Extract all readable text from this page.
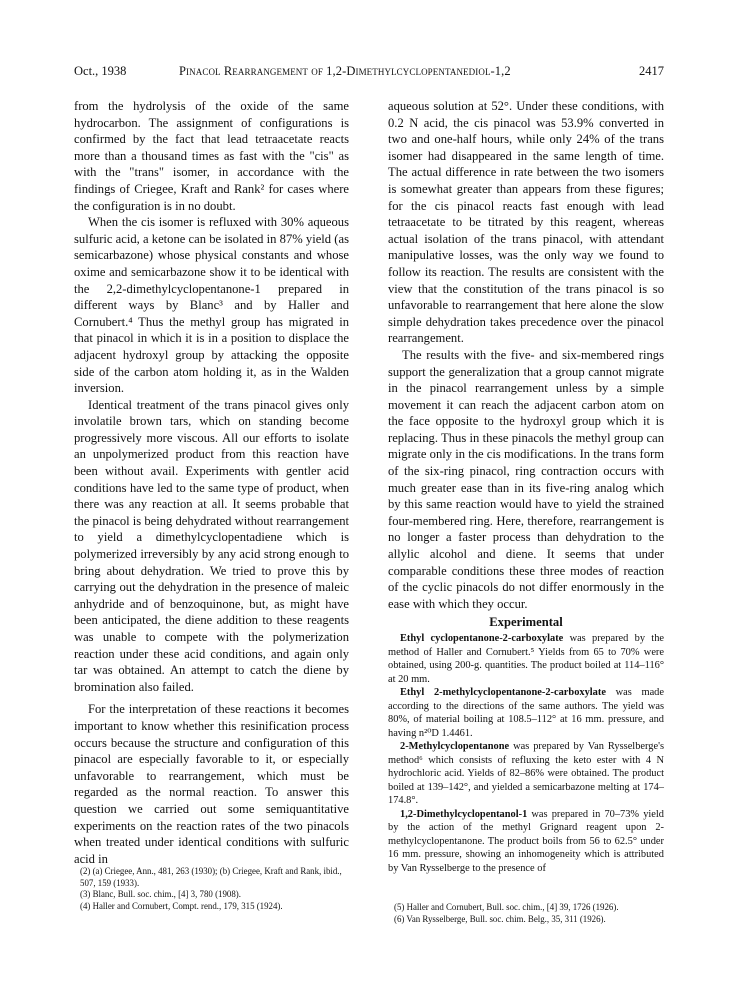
Oct., 1938	Pinacol Rearrangement of 1,2-Dimethylcyclopentanediol-1,2	2417

from the hydrolysis of the oxide of the same hydrocarbon. The assignment of configurations is confirmed by the fact that lead tetraacetate reacts more than a thousand times as fast with the "cis" as with the "trans" isomer, in accordance with the findings of Criegee, Kraft and Rank² for cases where the configuration is in no doubt.

When the cis isomer is refluxed with 30% aqueous sulfuric acid, a ketone can be isolated in 87% yield (as semicarbazone) whose physical constants and whose oxime and semicarbazone show it to be identical with the 2,2-dimethylcyclopentanone-1 prepared in different ways by Blanc³ and by Haller and Cornubert.⁴ Thus the methyl group has migrated in that pinacol in which it is in a position to displace the adjacent hydroxyl group by attacking the opposite side of the carbon atom holding it, as in the Walden inversion.

Identical treatment of the trans pinacol gives only involatile brown tars, which on standing become progressively more viscous. All our efforts to isolate an unpolymerized product from this reaction have been without avail. Experiments with gentler acid conditions have led to the same type of product, when there was any reaction at all. It seems probable that the pinacol is being dehydrated without rearrangement to yield a dimethylcyclopentadiene which is polymerized irreversibly by any acid strong enough to bring about dehydration. We tried to prove this by carrying out the dehydration in the presence of maleic anhydride and of benzoquinone, but, as might have been anticipated, the diene addition to these reagents was unable to compete with the polymerization reaction under these acid conditions, and again only tar was obtained. An attempt to catch the diene by bromination also failed.

For the interpretation of these reactions it becomes important to know whether this resinification process occurs because the structure and configuration of this pinacol are especially favorable to it, or especially unfavorable to rearrangement, which must be regarded as the normal reaction. To answer this question we carried out some semiquantitative experiments on the reaction rates of the two pinacols when treated under identical conditions with sulfuric acid in

(2) (a) Criegee, Ann., 481, 263 (1930); (b) Criegee, Kraft and Rank, ibid., 507, 159 (1933).

(3) Blanc, Bull. soc. chim., [4] 3, 780 (1908).

(4) Haller and Cornubert, Compt. rend., 179, 315 (1924).

aqueous solution at 52°. Under these conditions, with 0.2 N acid, the cis pinacol was 53.9% converted in two and one-half hours, while only 24% of the trans isomer had disappeared in the same length of time. The actual difference in rate between the two isomers is somewhat greater than appears from these figures; for the cis pinacol reacts fast enough with lead tetraacetate to be titrated by this reagent, whereas actual isolation of the trans pinacol, with attendant manipulative losses, was the only way we found to follow its reaction. The results are consistent with the view that the constitution of the trans pinacol is so unfavorable to rearrangement that here alone the slow simple dehydration takes precedence over the pinacol rearrangement.

The results with the five- and six-membered rings support the generalization that a group cannot migrate in the pinacol rearrangement unless by a simple movement it can reach the adjacent carbon atom on the face opposite to the hydroxyl group which it is replacing. Thus in these pinacols the methyl group can migrate only in the cis modifications. In the trans form of the six-ring pinacol, ring contraction occurs with much greater ease than in its five-ring analog which by this same reaction would have to yield the strained four-membered ring. Here, therefore, rearrangement is no longer a faster process than dehydration to the allylic alcohol and diene. It seems that under comparable conditions these three modes of reaction of the cyclic pinacols do not differ enormously in the ease with which they occur.

Experimental

Ethyl cyclopentanone-2-carboxylate was prepared by the method of Haller and Cornubert.⁵ Yields from 65 to 70% were obtained, using 200-g. quantities. The product boiled at 114–116° at 20 mm.

Ethyl 2-methylcyclopentanone-2-carboxylate was made according to the directions of the same authors. The yield was 80%, of material boiling at 108.5–112° at 16 mm. pressure, and having n²⁰D 1.4461.

2-Methylcyclopentanone was prepared by Van Rysselberge's method⁶ which consists of refluxing the keto ester with 4 N hydrochloric acid. Yields of 82–86% were obtained. The product boiled at 139–142°, and yielded a semicarbazone melting at 174–174.8°.

1,2-Dimethylcyclopentanol-1 was prepared in 70–73% yield by the action of the methyl Grignard reagent upon 2-methylcyclopentanone. The product boils from 56 to 62.5° under 16 mm. pressure, showing an inhomogeneity which is attributed by Van Rysselberge to the presence of

(5) Haller and Cornubert, Bull. soc. chim., [4] 39, 1726 (1926).

(6) Van Rysselberge, Bull. soc. chim. Belg., 35, 311 (1926).
